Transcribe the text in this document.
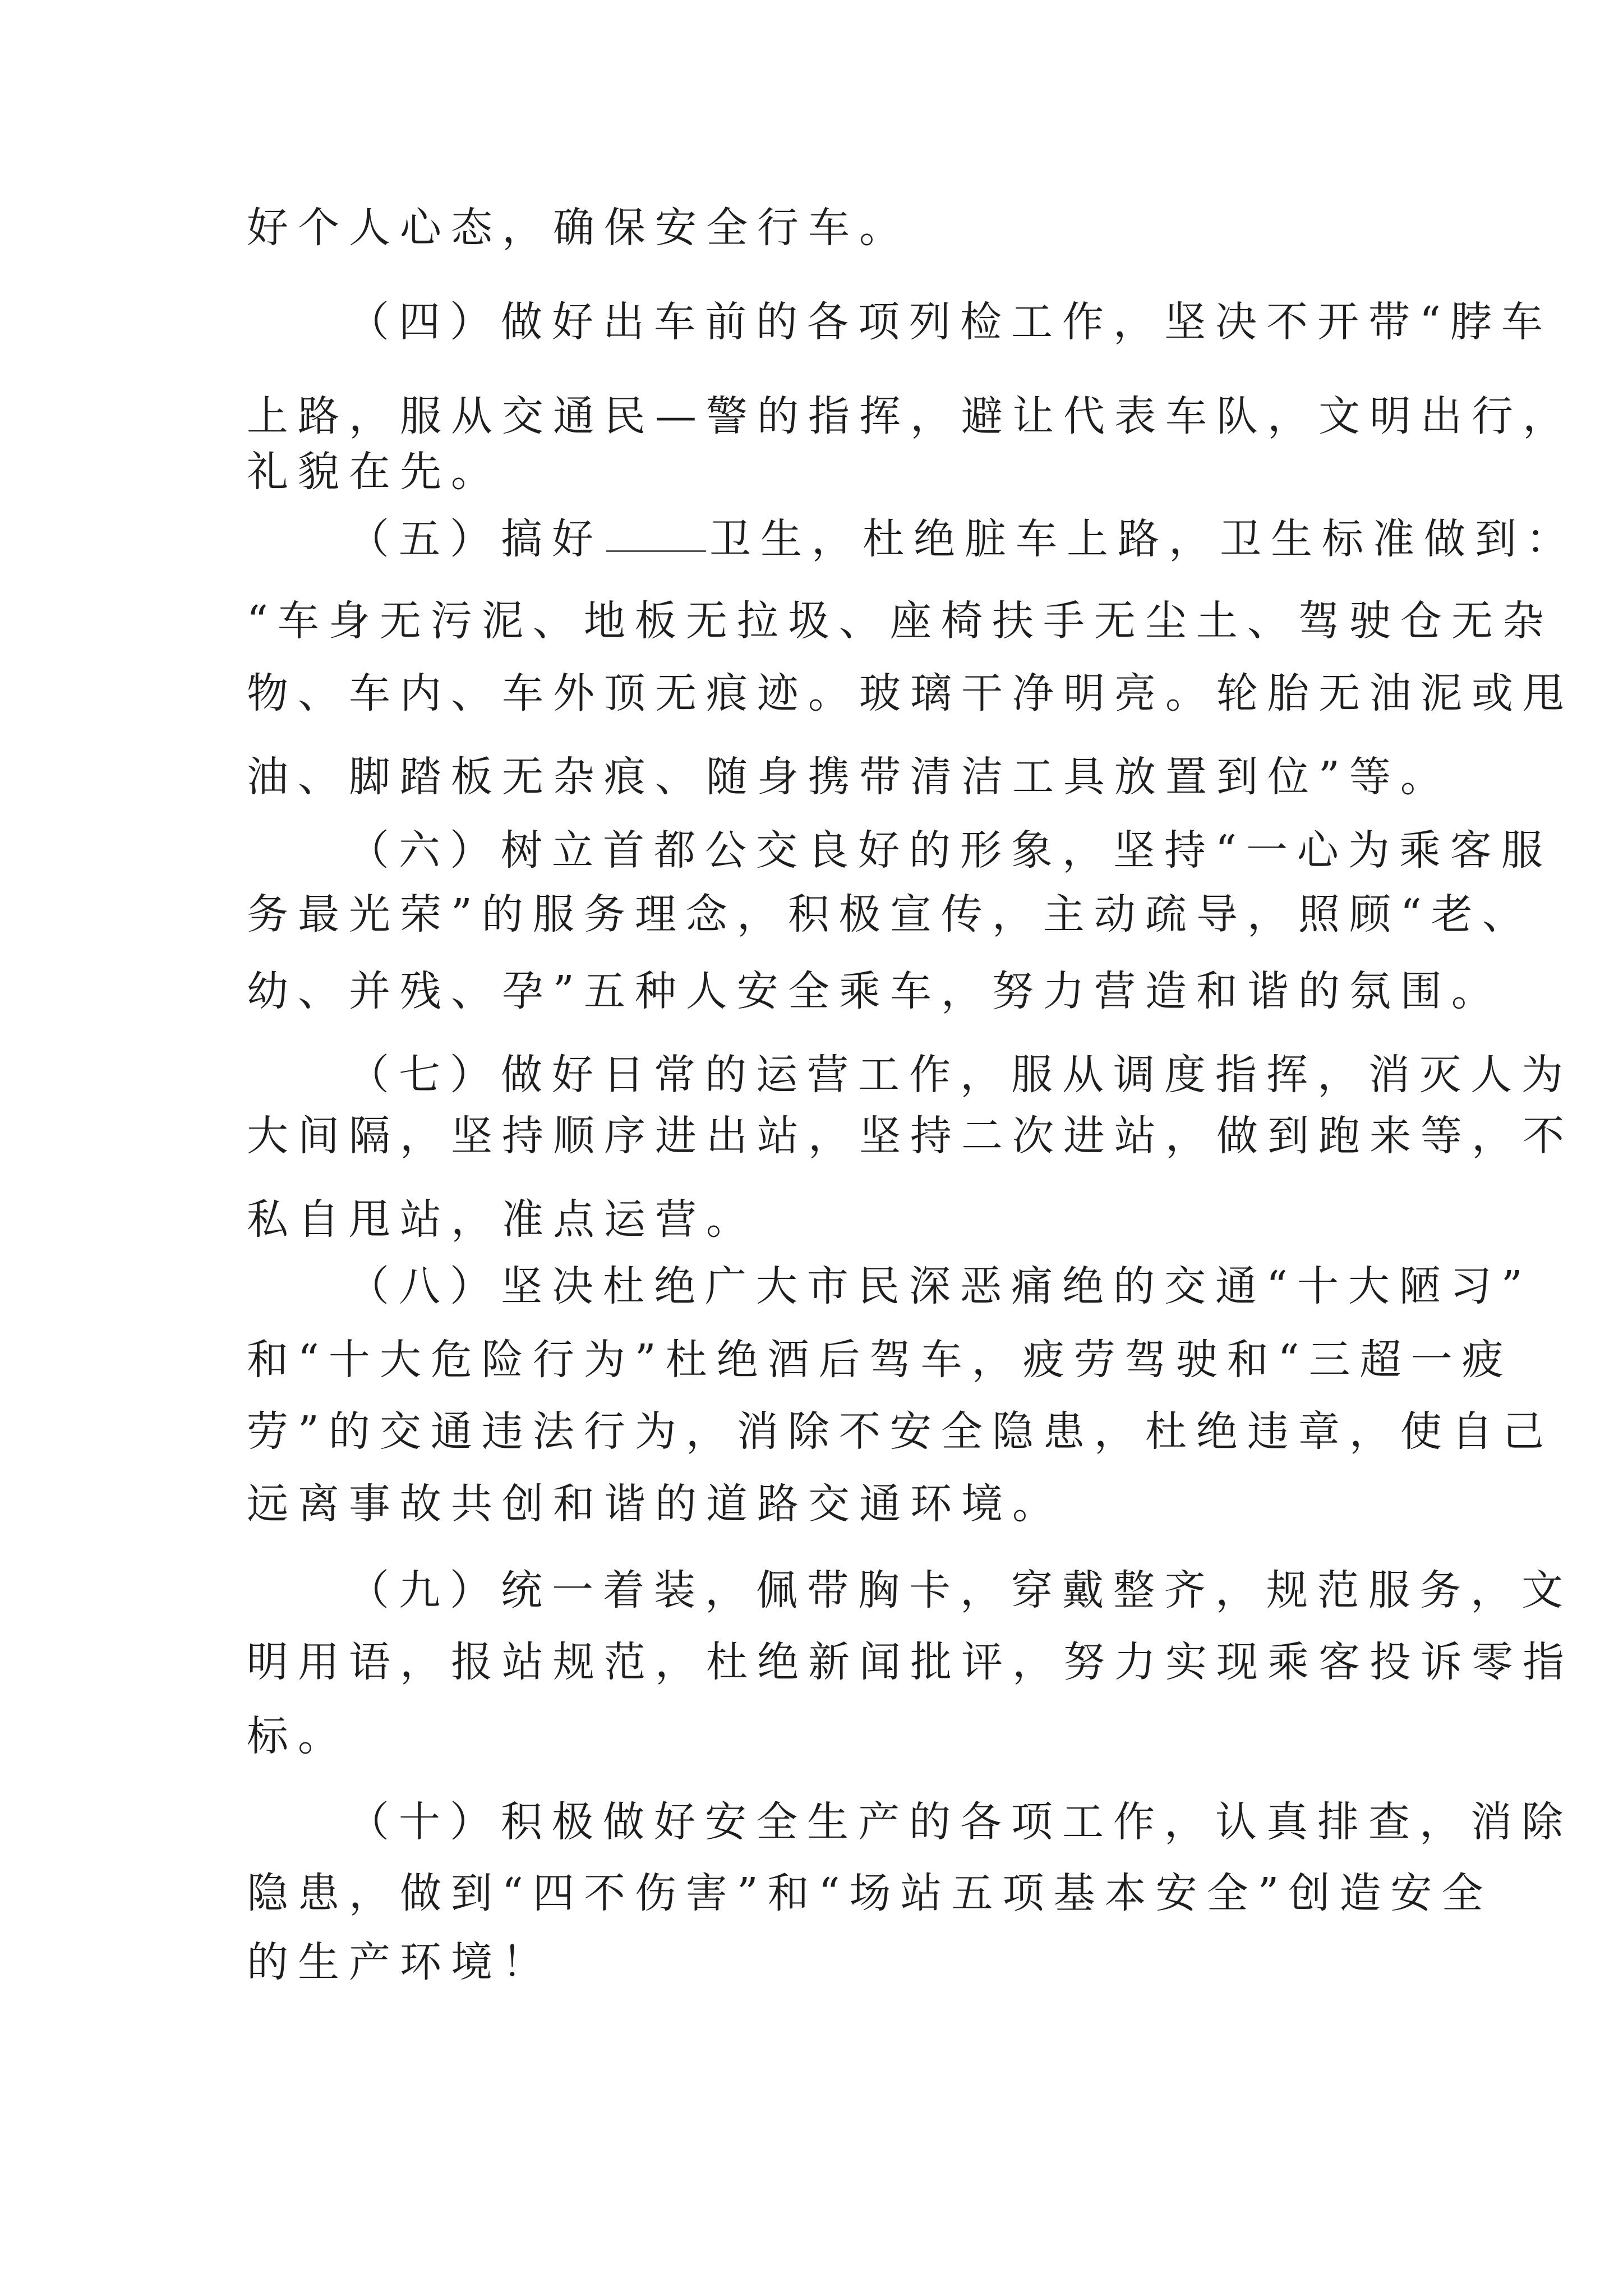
好个人心态，确保安全行车。
（四）做好出车前的各项列检工作，坚决不开带“脖车
上路，服从交通民—警的指挥，避让代表车队，文明出行，
礼貌在先。
（五）搞好	卫生，杜绝脏车上路，卫生标准做到：
“车身无污泥、地板无拉圾、座椅扶手无尘土、驾驶仓无杂
物、车内、车外顶无痕迹。玻璃干净明亮。轮胎无油泥或甩
油、脚踏板无杂痕、随身携带清洁工具放置到位”等。
（六）树立首都公交良好的形象，坚持“一心为乘客服
务最光荣”的服务理念，积极宣传，主动疏导，照顾“老、
幼、并残、孕”五种人安全乘车，努力营造和谐的氛围。
（七）做好日常的运营工作，服从调度指挥，消灭人为
大间隔，坚持顺序进出站，坚持二次进站，做到跑来等，不
私自甩站，准点运营。
（八）坚决杜绝广大市民深恶痛绝的交通“十大陋习”
和“十大危险行为”杜绝酒后驾车，疲劳驾驶和“三超一疲
劳”的交通违法行为，消除不安全隐患，杜绝违章，使自己
远离事故共创和谐的道路交通环境。
（九）统一着装，佩带胸卡，穿戴整齐，规范服务，文
明用语，报站规范，杜绝新闻批评，努力实现乘客投诉零指
标。
（十）积极做好安全生产的各项工作，认真排查，消除
隐患，做到“四不伤害”和“场站五项基本安全”创造安全
的生产环境！
